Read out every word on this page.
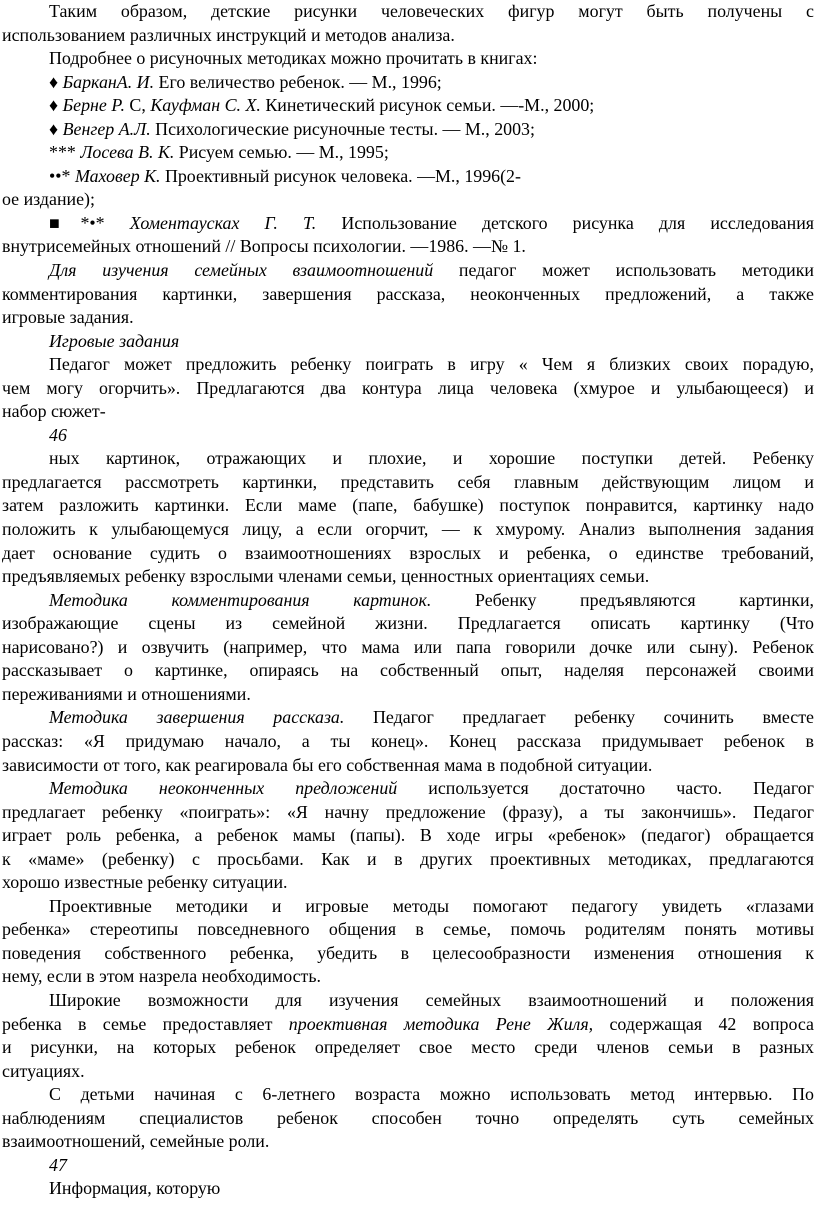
Таким образом, детские рисунки человеческих фигур могут быть получены с
использованием различных инструкций и методов анализа.
Подробнее о рисуночных методиках можно прочитать в книгах:
♦ БарканА. И. Его величество ребенок. — М., 1996;
♦ Берне Р. С, Кауфман С. X. Кинетический рисунок семьи. —-М., 2000;
♦ Венгер А.Л. Психологические рисуночные тесты. — М., 2003;
*** Лосева В. К. Рисуем семью. — М., 1995;
••* Маховер К. Проективный рисунок человека. —М., 1996(2-
ое издание);
■*•* Хоментаусках Г. Т. Использование детского рисунка для исследования
внутрисемейных отношений // Вопросы психологии. —1986. —№ 1.
Для изучения семейных взаимоотношений педагог может использовать методики
комментирования картинки, завершения рассказа, неоконченных предложений, а также
игровые задания.
Игровые задания
Педагог может предложить ребенку поиграть в игру « Чем я близких своих порадую,
чем могу огорчить». Предлагаются два контура лица человека (хмурое и улыбающееся) и
набор сюжет-
46
ных картинок, отражающих и плохие, и хорошие поступки детей. Ребенку
предлагается рассмотреть картинки, представить себя главным действующим лицом и
затем разложить картинки. Если маме (папе, бабушке) поступок понравится, картинку надо
положить к улыбающемуся лицу, а если огорчит, — к хмурому. Анализ выполнения задания
дает основание судить о взаимоотношениях взрослых и ребенка, о единстве требований,
предъявляемых ребенку взрослыми членами семьи, ценностных ориентациях семьи.
Методика комментирования картинок. Ребенку предъявляются картинки,
изображающие сцены из семейной жизни. Предлагается описать картинку (Что
нарисовано?) и озвучить (например, что мама или папа говорили дочке или сыну). Ребенок
рассказывает о картинке, опираясь на собственный опыт, наделяя персонажей своими
переживаниями и отношениями.
Методика завершения рассказа. Педагог предлагает ребенку сочинить вместе
рассказ: «Я придумаю начало, а ты конец». Конец рассказа придумывает ребенок в
зависимости от того, как реагировала бы его собственная мама в подобной ситуации.
Методика неоконченных предложений используется достаточно часто. Педагог
предлагает ребенку «поиграть»: «Я начну предложение (фразу), а ты закончишь». Педагог
играет роль ребенка, а ребенок мамы (папы). В ходе игры «ребенок» (педагог) обращается
к «маме» (ребенку) с просьбами. Как и в других проективных методиках, предлагаются
хорошо известные ребенку ситуации.
Проективные методики и игровые методы помогают педагогу увидеть «глазами
ребенка» стереотипы повседневного общения в семье, помочь родителям понять мотивы
поведения собственного ребенка, убедить в целесообразности изменения отношения к
нему, если в этом назрела необходимость.
Широкие возможности для изучения семейных взаимоотношений и положения
ребенка в семье предоставляет проективная методика Рене Жиля, содержащая 42 вопроса
и рисунки, на которых ребенок определяет свое место среди членов семьи в разных
ситуациях.
С детьми начиная с 6-летнего возраста можно использовать метод интервью. По
наблюдениям специалистов ребенок способен точно определять суть семейных
взаимоотношений, семейные роли.
47
Информация, которую
